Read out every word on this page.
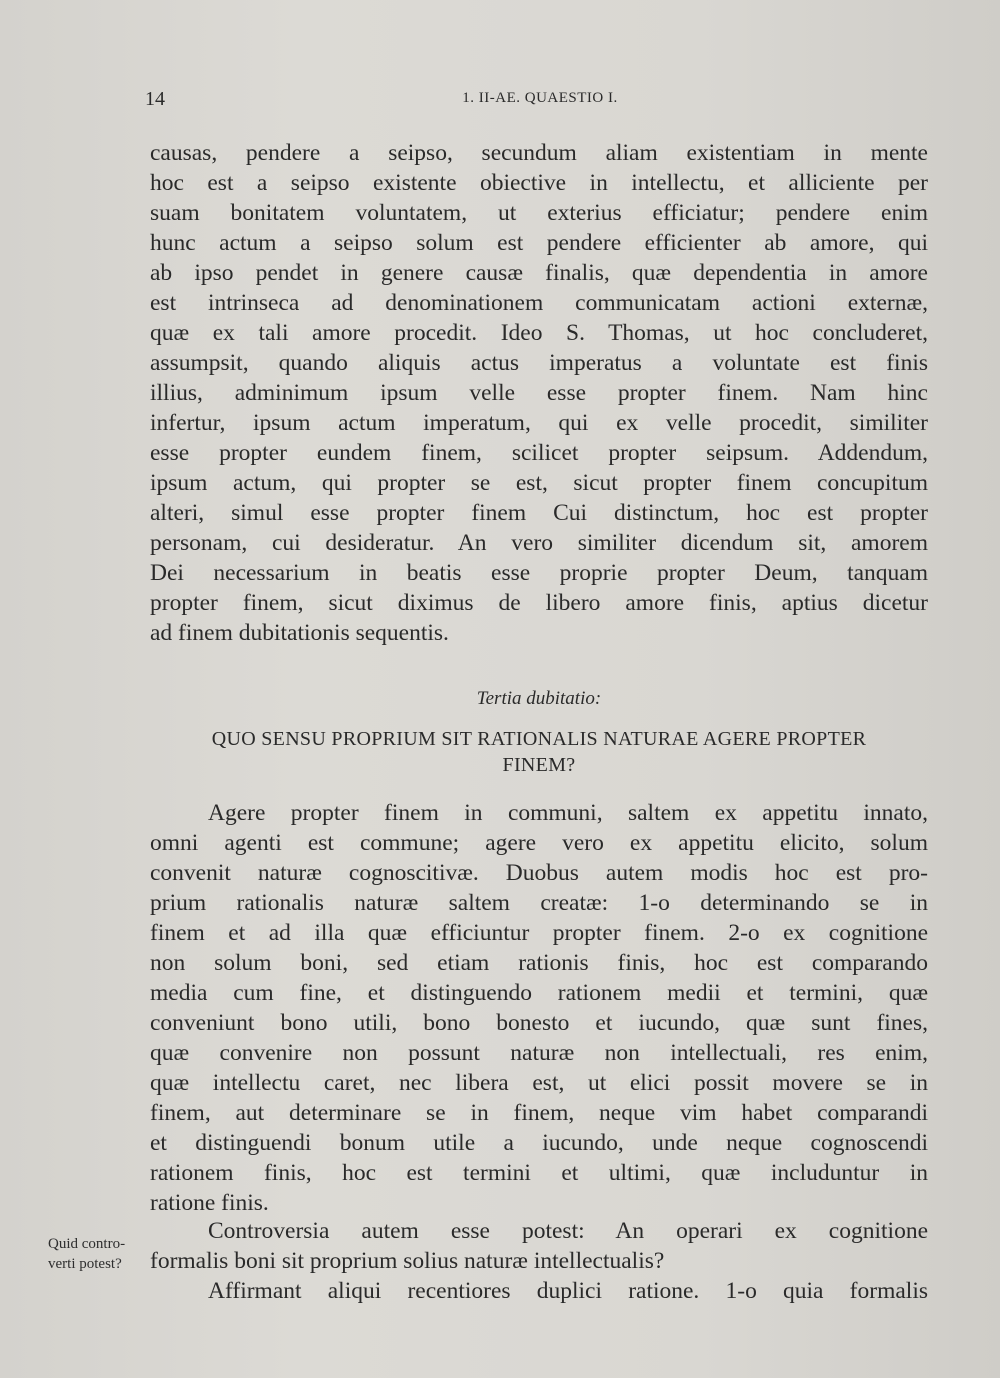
14	1. II-AE. QUAESTIO I.
causas, pendere a seipso, secundum aliam existentiam in mente
hoc est a seipso existente obiective in intellectu, et alliciente per
suam bonitatem voluntatem, ut exterius efficiatur; pendere enim
hunc actum a seipso solum est pendere efficienter ab amore, qui
ab ipso pendet in genere causæ finalis, quæ dependentia in amore
est intrinseca ad denominationem communicatam actioni externæ,
quæ ex tali amore procedit. Ideo S. Thomas, ut hoc concluderet,
assumpsit, quando aliquis actus imperatus a voluntate est finis
illius, adminimum ipsum velle esse propter finem. Nam hinc
infertur, ipsum actum imperatum, qui ex velle procedit, similiter
esse propter eundem finem, scilicet propter seipsum. Addendum,
ipsum actum, qui propter se est, sicut propter finem concupitum
alteri, simul esse propter finem Cui distinctum, hoc est propter
personam, cui desideratur. An vero similiter dicendum sit, amorem
Dei necessarium in beatis esse proprie propter Deum, tanquam
propter finem, sicut diximus de libero amore finis, aptius dicetur
ad finem dubitationis sequentis.
Tertia dubitatio:
QUO SENSU PROPRIUM SIT RATIONALIS NATURAE AGERE PROPTER
FINEM?
Agere propter finem in communi, saltem ex appetitu innato,
omni agenti est commune; agere vero ex appetitu elicito, solum
convenit naturæ cognoscitivæ. Duobus autem modis hoc est pro-
prium rationalis naturæ saltem creatæ: 1-o determinando se in
finem et ad illa quæ efficiuntur propter finem. 2-o ex cognitione
non solum boni, sed etiam rationis finis, hoc est comparando
media cum fine, et distinguendo rationem medii et termini, quæ
conveniunt bono utili, bono bonesto et iucundo, quæ sunt fines,
quæ convenire non possunt naturæ non intellectuali, res enim,
quæ intellectu caret, nec libera est, ut elici possit movere se in
finem, aut determinare se in finem, neque vim habet comparandi
et distinguendi bonum utile a iucundo, unde neque cognoscendi
rationem finis, hoc est termini et ultimi, quæ includuntur in
ratione finis.
Controversia autem esse potest: An operari ex cognitione
formalis boni sit proprium solius naturæ intellectualis?
Affirmant aliqui recentiores duplici ratione. 1-o quia formalis
Quid contro-
verti potest?
